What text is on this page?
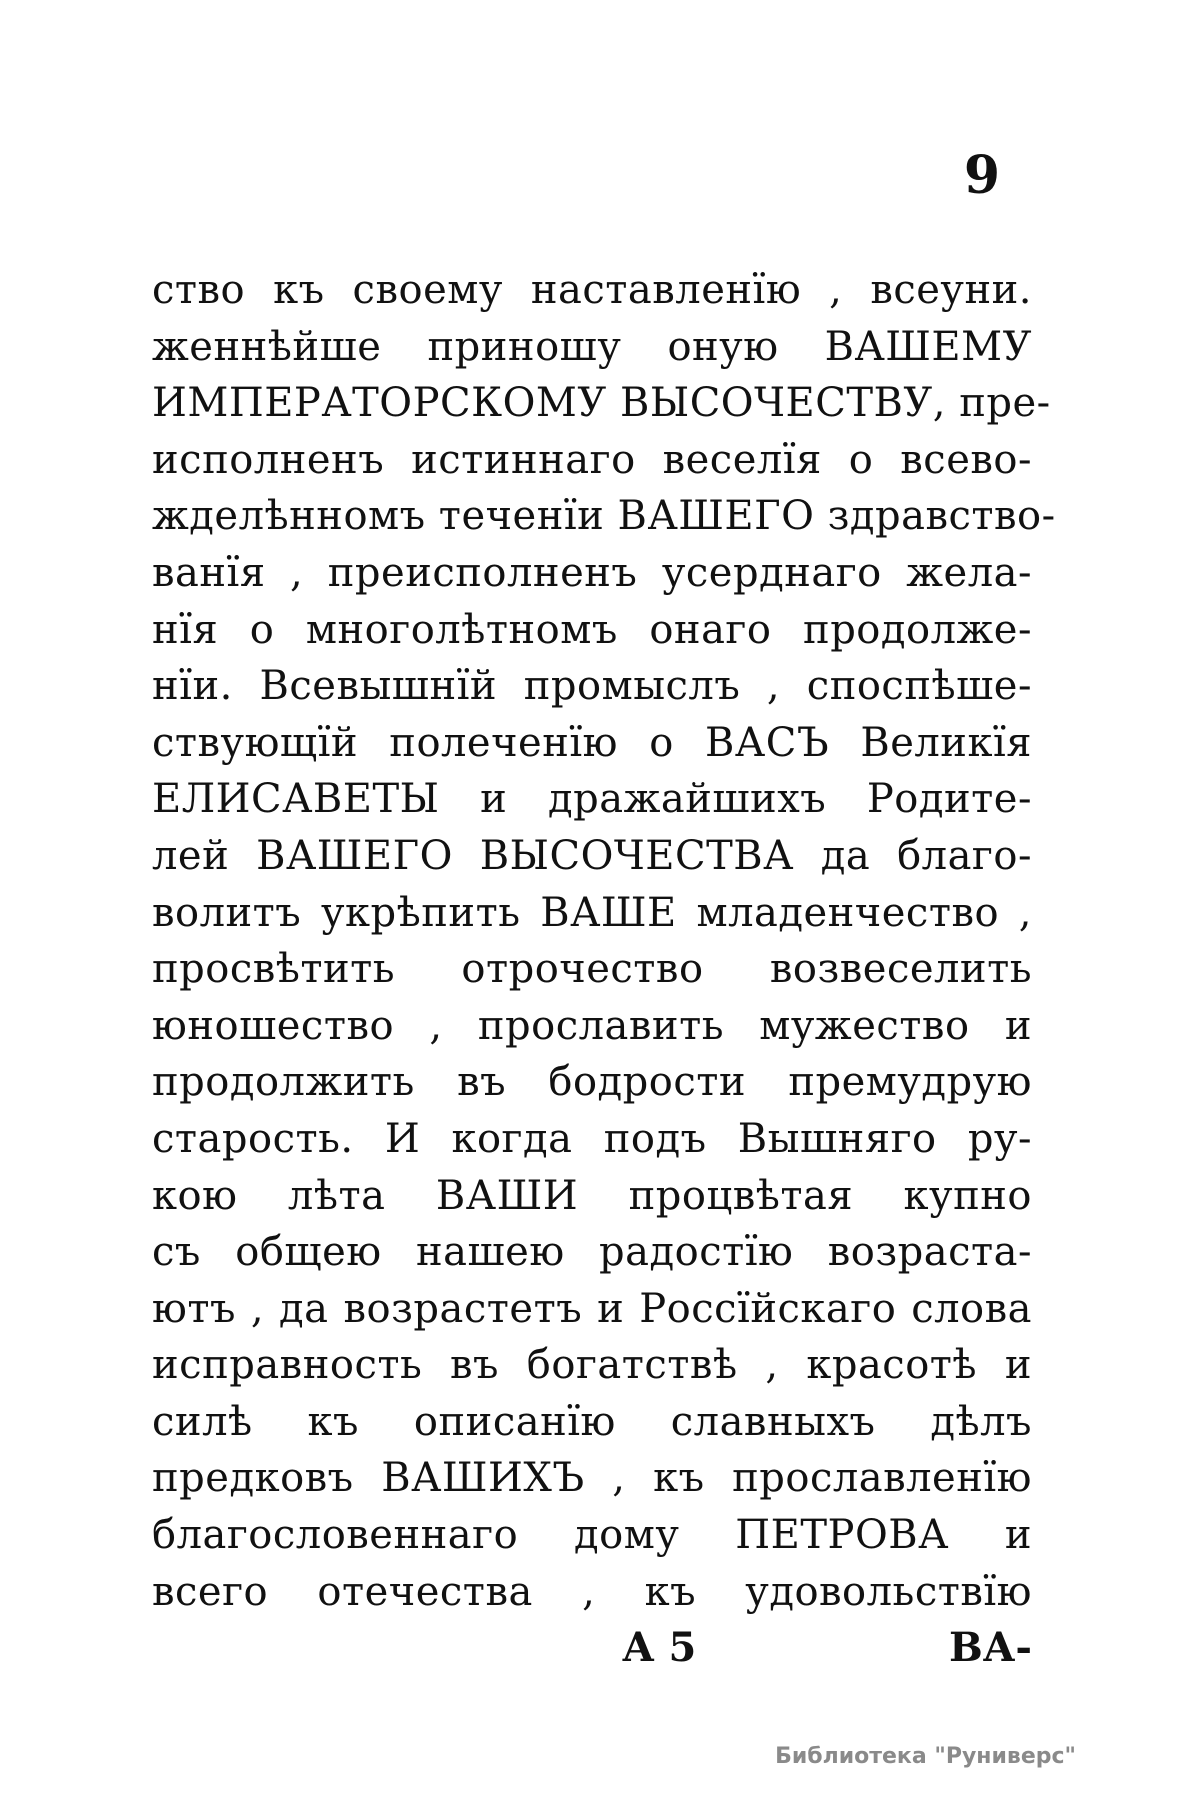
9
ство къ своему наставленїю , всеуни.
женнѣйше приношу оную ВАШЕМУ
ИМПЕРАТОРСКОМУ ВЫСОЧЕСТВУ, пре-
исполненъ истиннаго веселїя о всево-
жделѣнномъ теченїи ВАШЕГО здравство-
ванїя , преисполненъ усерднаго жела-
нїя о многолѣтномъ онаго продолже-
нїи. Всевышнїй промыслъ , споспѣше-
ствующїй полеченїю о ВАСЪ Великїя
ЕЛИСАВЕТЫ и дражайшихъ Родите-
лей ВАШЕГО ВЫСОЧЕСТВА да благо-
волитъ укрѣпить ВАШЕ младенчество ,
просвѣтить отрочество возвеселить
юношество , прославить мужество и
продолжить въ бодрости премудрую
старость. И когда подъ Вышняго ру-
кою лѣта ВАШИ процвѣтая купно
съ общею нашею радостїю возраста-
ютъ , да возрастетъ и Россїйскаго слова
исправность въ богатствѣ , красотѣ и
силѣ къ описанїю славныхъ дѣлъ
предковъ ВАШИХЪ , къ прославленїю
благословеннаго дому ПЕТРОВА и
всего отечества , къ удовольствїю
А 5	ВА-
Библиотека "Руниверс"
